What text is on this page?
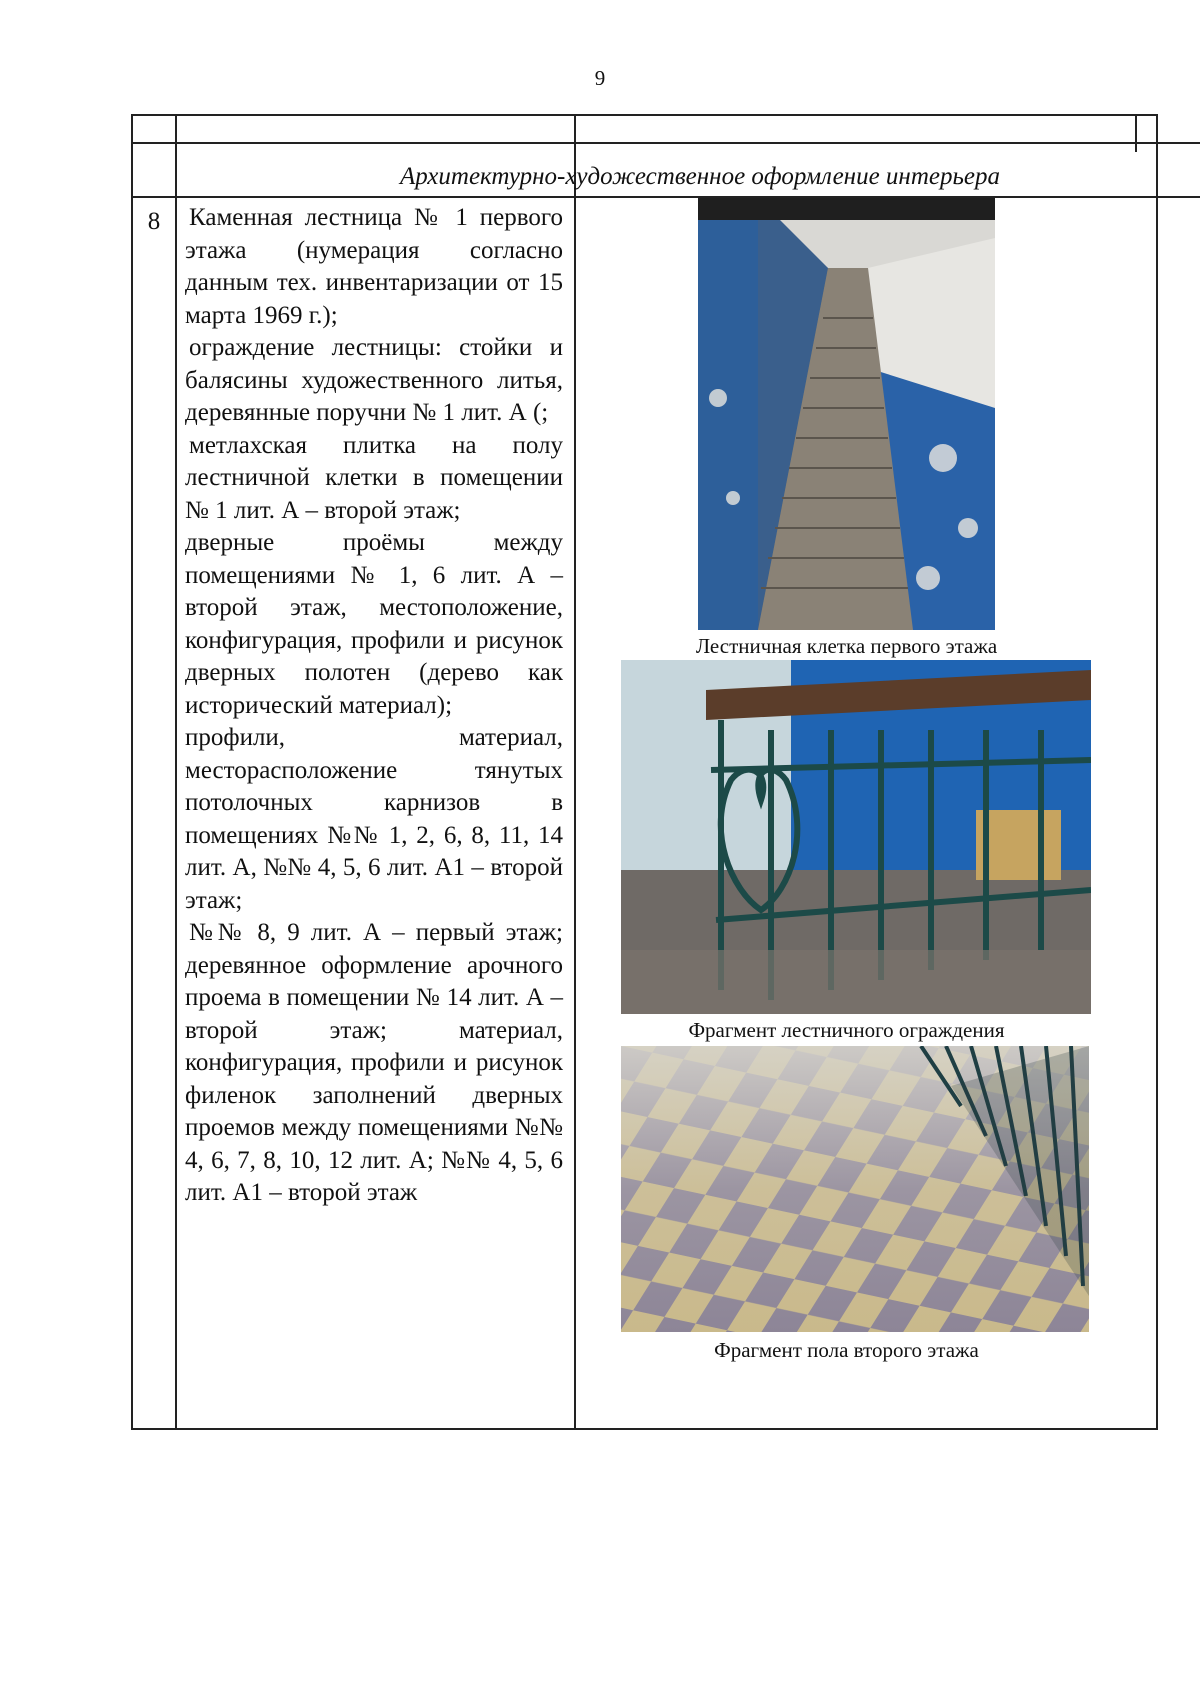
9
Архитектурно-художественное оформление интерьера
8	Каменная лестница № 1 первого этажа (нумерация согласно данным тех. инвентаризации от 15 марта 1969 г.);

ограждение лестницы: стойки и балясины художественного литья, деревянные поручни № 1 лит. А (;

метлахская плитка на полу лестничной клетки в помещении № 1 лит. А – второй этаж;

дверные проёмы между помещениями № 1, 6 лит. А – второй этаж, местоположение, конфигурация, профили и рисунок дверных полотен (дерево как исторический материал);

профили, материал, месторасположение тянутых потолочных карнизов в помещениях №№ 1, 2, 6, 8, 11, 14 лит. А, №№ 4, 5, 6 лит. А1 – второй этаж;

№№ 8, 9 лит. А – первый этаж; деревянное оформление арочного проема в помещении № 14 лит. А – второй этаж; материал, конфигурация, профили и рисунок филенок заполнений дверных проемов между помещениями №№ 4, 6, 7, 8, 10, 12 лит. А; №№ 4, 5, 6 лит. А1 – второй этаж

Лестничная клетка первого этажа
Фрагмент лестничного ограждения
Фрагмент пола второго этажа
